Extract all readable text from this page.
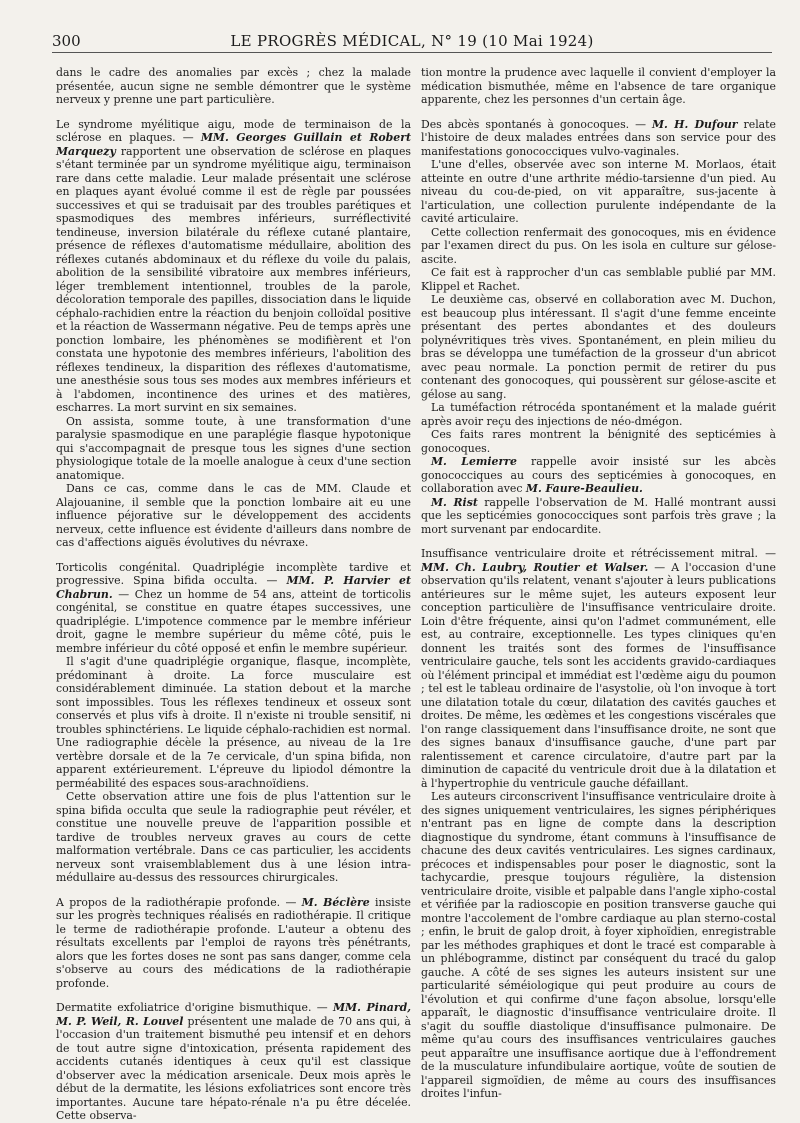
300	LE PROGRÈS MÉDICAL, N° 19 (10 Mai 1924)

dans le cadre des anomalies par excès ; chez la malade présentée, aucun signe ne semble démontrer que le système nerveux y prenne une part particulière.

Le syndrome myélitique aigu, mode de terminaison de la sclérose en plaques. — MM. Georges Guillain et Robert Marquezy rapportent une observation de sclérose en plaques s'étant terminée par un syndrome myélitique aigu, terminaison rare dans cette maladie. Leur malade présentait une sclérose en plaques ayant évolué comme il est de règle par poussées successives et qui se traduisait par des troubles parétiques et spasmodiques des membres inférieurs, surréflectivité tendineuse, inversion bilatérale du réflexe cutané plantaire, présence de réflexes d'automatisme médullaire, abolition des réflexes cutanés abdominaux et du réflexe du voile du palais, abolition de la sensibilité vibratoire aux membres inférieurs, léger tremblement intentionnel, troubles de la parole, décoloration temporale des papilles, dissociation dans le liquide céphalo-rachidien entre la réaction du benjoin colloïdal positive et la réaction de Wassermann négative. Peu de temps après une ponction lombaire, les phénomènes se modifièrent et l'on constata une hypotonie des membres inférieurs, l'abolition des réflexes tendineux, la disparition des réflexes d'automatisme, une anesthésie sous tous ses modes aux membres inférieurs et à l'abdomen, incontinence des urines et des matières, escharres. La mort survint en six semaines.

On assista, somme toute, à une transformation d'une paralysie spasmodique en une paraplégie flasque hypotonique qui s'accompagnait de presque tous les signes d'une section physiologique totale de la moelle analogue à ceux d'une section anatomique.

Dans ce cas, comme dans le cas de MM. Claude et Alajouanine, il semble que la ponction lombaire ait eu une influence péjorative sur le développement des accidents nerveux, cette influence est évidente d'ailleurs dans nombre de cas d'affections aiguës évolutives du névraxe.

Torticolis congénital. Quadriplégie incomplète tardive et progressive. Spina bifida occulta. — MM. P. Harvier et Chabrun. — Chez un homme de 54 ans, atteint de torticolis congénital, se constitue en quatre étapes successives, une quadriplégie. L'impotence commence par le membre inférieur droit, gagne le membre supérieur du même côté, puis le membre inférieur du côté opposé et enfin le membre supérieur.

Il s'agit d'une quadriplégie organique, flasque, incomplète, prédominant à droite. La force musculaire est considérablement diminuée. La station debout et la marche sont impossibles. Tous les réflexes tendineux et osseux sont conservés et plus vifs à droite. Il n'existe ni trouble sensitif, ni troubles sphinctériens. Le liquide céphalo-rachidien est normal. Une radiographie décèle la présence, au niveau de la 1re vertèbre dorsale et de la 7e cervicale, d'un spina bifida, non apparent extérieurement. L'épreuve du lipiodol démontre la perméabilité des espaces sous-arachnoïdiens.

Cette observation attire une fois de plus l'attention sur le spina bifida occulta que seule la radiographie peut révéler, et constitue une nouvelle preuve de l'apparition possible et tardive de troubles nerveux graves au cours de cette malformation vertébrale. Dans ce cas particulier, les accidents nerveux sont vraisemblablement dus à une lésion intra-médullaire au-dessus des ressources chirurgicales.

A propos de la radiothérapie profonde. — M. Béclère insiste sur les progrès techniques réalisés en radiothérapie. Il critique le terme de radiothérapie profonde. L'auteur a obtenu des résultats excellents par l'emploi de rayons très pénétrants, alors que les fortes doses ne sont pas sans danger, comme cela s'observe au cours des médications de la radiothérapie profonde.

Dermatite exfoliatrice d'origine bismuthique. — MM. Pinard, M. P. Weil, R. Louvel présentent une malade de 70 ans qui, à l'occasion d'un traitement bismuthé peu intensif et en dehors de tout autre signe d'intoxication, présenta rapidement des accidents cutanés identiques à ceux qu'il est classique d'observer avec la médication arsenicale. Deux mois après le début de la dermatite, les lésions exfoliatrices sont encore très importantes. Aucune tare hépato-rénale n'a pu être décelée. Cette observa-

tion montre la prudence avec laquelle il convient d'employer la médication bismuthée, même en l'absence de tare organique apparente, chez les personnes d'un certain âge.

Des abcès spontanés à gonocoques. — M. H. Dufour relate l'histoire de deux malades entrées dans son service pour des manifestations gonococciques vulvo-vaginales.

L'une d'elles, observée avec son interne M. Morlaos, était atteinte en outre d'une arthrite médio-tarsienne d'un pied. Au niveau du cou-de-pied, on vit apparaître, sus-jacente à l'articulation, une collection purulente indépendante de la cavité articulaire.

Cette collection renfermait des gonocoques, mis en évidence par l'examen direct du pus. On les isola en culture sur gélose-ascite.

Ce fait est à rapprocher d'un cas semblable publié par MM. Klippel et Rachet.

Le deuxième cas, observé en collaboration avec M. Duchon, est beaucoup plus intéressant. Il s'agit d'une femme enceinte présentant des pertes abondantes et des douleurs polynévritiques très vives. Spontanément, en plein milieu du bras se développa une tuméfaction de la grosseur d'un abricot avec peau normale. La ponction permit de retirer du pus contenant des gonocoques, qui poussèrent sur gélose-ascite et gélose au sang.

La tuméfaction rétrocéda spontanément et la malade guérit après avoir reçu des injections de néo-dmégon.

Ces faits rares montrent la bénignité des septicémies à gonocoques.

M. Lemierre rappelle avoir insisté sur les abcès gonococciques au cours des septicémies à gonocoques, en collaboration avec M. Faure-Beaulieu.

M. Rist rappelle l'observation de M. Hallé montrant aussi que les septicémies gonococciques sont parfois très grave ; la mort survenant par endocardite.

Insuffisance ventriculaire droite et rétrécissement mitral. — MM. Ch. Laubry, Routier et Walser. — A l'occasion d'une observation qu'ils relatent, venant s'ajouter à leurs publications antérieures sur le même sujet, les auteurs exposent leur conception particulière de l'insuffisance ventriculaire droite. Loin d'être fréquente, ainsi qu'on l'admet communément, elle est, au contraire, exceptionnelle. Les types cliniques qu'en donnent les traités sont des formes de l'insuffisance ventriculaire gauche, tels sont les accidents gravido-cardiaques où l'élément principal et immédiat est l'œdème aigu du poumon ; tel est le tableau ordinaire de l'asystolie, où l'on invoque à tort une dilatation totale du cœur, dilatation des cavités gauches et droites. De même, les œdèmes et les congestions viscérales que l'on range classiquement dans l'insuffisance droite, ne sont que des signes banaux d'insuffisance gauche, d'une part par ralentissement et carence circulatoire, d'autre part par la diminution de capacité du ventricule droit due à la dilatation et à l'hypertrophie du ventricule gauche défaillant.

Les auteurs circonscrivent l'insuffisance ventriculaire droite à des signes uniquement ventriculaires, les signes périphériques n'entrant pas en ligne de compte dans la description diagnostique du syndrome, étant communs à l'insuffisance de chacune des deux cavités ventriculaires. Les signes cardinaux, précoces et indispensables pour poser le diagnostic, sont la tachycardie, presque toujours régulière, la distension ventriculaire droite, visible et palpable dans l'angle xipho-costal et vérifiée par la radioscopie en position transverse gauche qui montre l'accolement de l'ombre cardiaque au plan sterno-costal ; enfin, le bruit de galop droit, à foyer xiphoïdien, enregistrable par les méthodes graphiques et dont le tracé est comparable à un phlébogramme, distinct par conséquent du tracé du galop gauche. A côté de ses signes les auteurs insistent sur une particularité séméiologique qui peut produire au cours de l'évolution et qui confirme d'une façon absolue, lorsqu'elle apparaît, le diagnostic d'insuffisance ventriculaire droite. Il s'agit du souffle diastolique d'insuffisance pulmonaire. De même qu'au cours des insuffisances ventriculaires gauches peut apparaître une insuffisance aortique due à l'effondrement de la musculature infundibulaire aortique, voûte de soutien de l'appareil sigmoïdien, de même au cours des insuffisances droites l'infun-
